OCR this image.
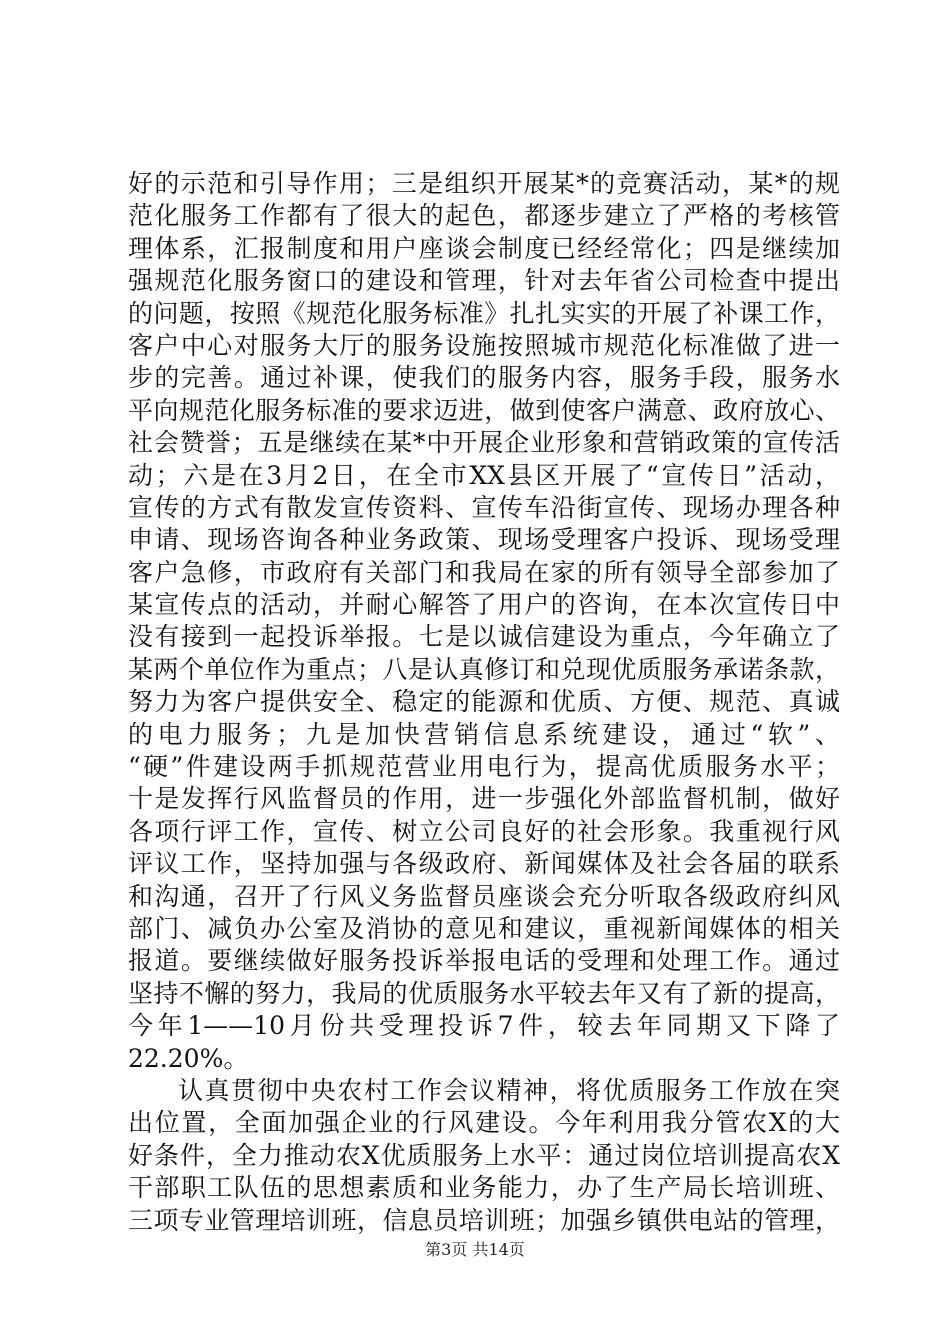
好的示范和引导作用；三是组织开展某*的竞赛活动，某*的规
范化服务工作都有了很大的起色，都逐步建立了严格的考核管
理体系，汇报制度和用户座谈会制度已经经常化；四是继续加
强规范化服务窗口的建设和管理，针对去年省公司检查中提出
的问题，按照《规范化服务标准》扎扎实实的开展了补课工作，
客户中心对服务大厅的服务设施按照城市规范化标准做了进一
步的完善。通过补课，使我们的服务内容，服务手段，服务水
平向规范化服务标准的要求迈进，做到使客户满意、政府放心、
社会赞誉；五是继续在某*中开展企业形象和营销政策的宣传活
动；六是在3月2日，在全市XX县区开展了“宣传日”活动，
宣传的方式有散发宣传资料、宣传车沿街宣传、现场办理各种
申请、现场咨询各种业务政策、现场受理客户投诉、现场受理
客户急修，市政府有关部门和我局在家的所有领导全部参加了
某宣传点的活动，并耐心解答了用户的咨询，在本次宣传日中
没有接到一起投诉举报。七是以诚信建设为重点，今年确立了
某两个单位作为重点；八是认真修订和兑现优质服务承诺条款，
努力为客户提供安全、稳定的能源和优质、方便、规范、真诚
的电力服务；九是加快营销信息系统建设，通过“软”、
“硬”件建设两手抓规范营业用电行为，提高优质服务水平；
十是发挥行风监督员的作用，进一步强化外部监督机制，做好
各项行评工作，宣传、树立公司良好的社会形象。我重视行风
评议工作，坚持加强与各级政府、新闻媒体及社会各届的联系
和沟通，召开了行风义务监督员座谈会充分听取各级政府纠风
部门、减负办公室及消协的意见和建议，重视新闻媒体的相关
报道。要继续做好服务投诉举报电话的受理和处理工作。通过
坚持不懈的努力，我局的优质服务水平较去年又有了新的提高，
今年1——10月份共受理投诉7件，较去年同期又下降了
22.20%。
认真贯彻中央农村工作会议精神，将优质服务工作放在突
出位置，全面加强企业的行风建设。今年利用我分管农X的大
好条件，全力推动农X优质服务上水平：通过岗位培训提高农X
干部职工队伍的思想素质和业务能力，办了生产局长培训班、
三项专业管理培训班，信息员培训班；加强乡镇供电站的管理，
第3页 共14页
